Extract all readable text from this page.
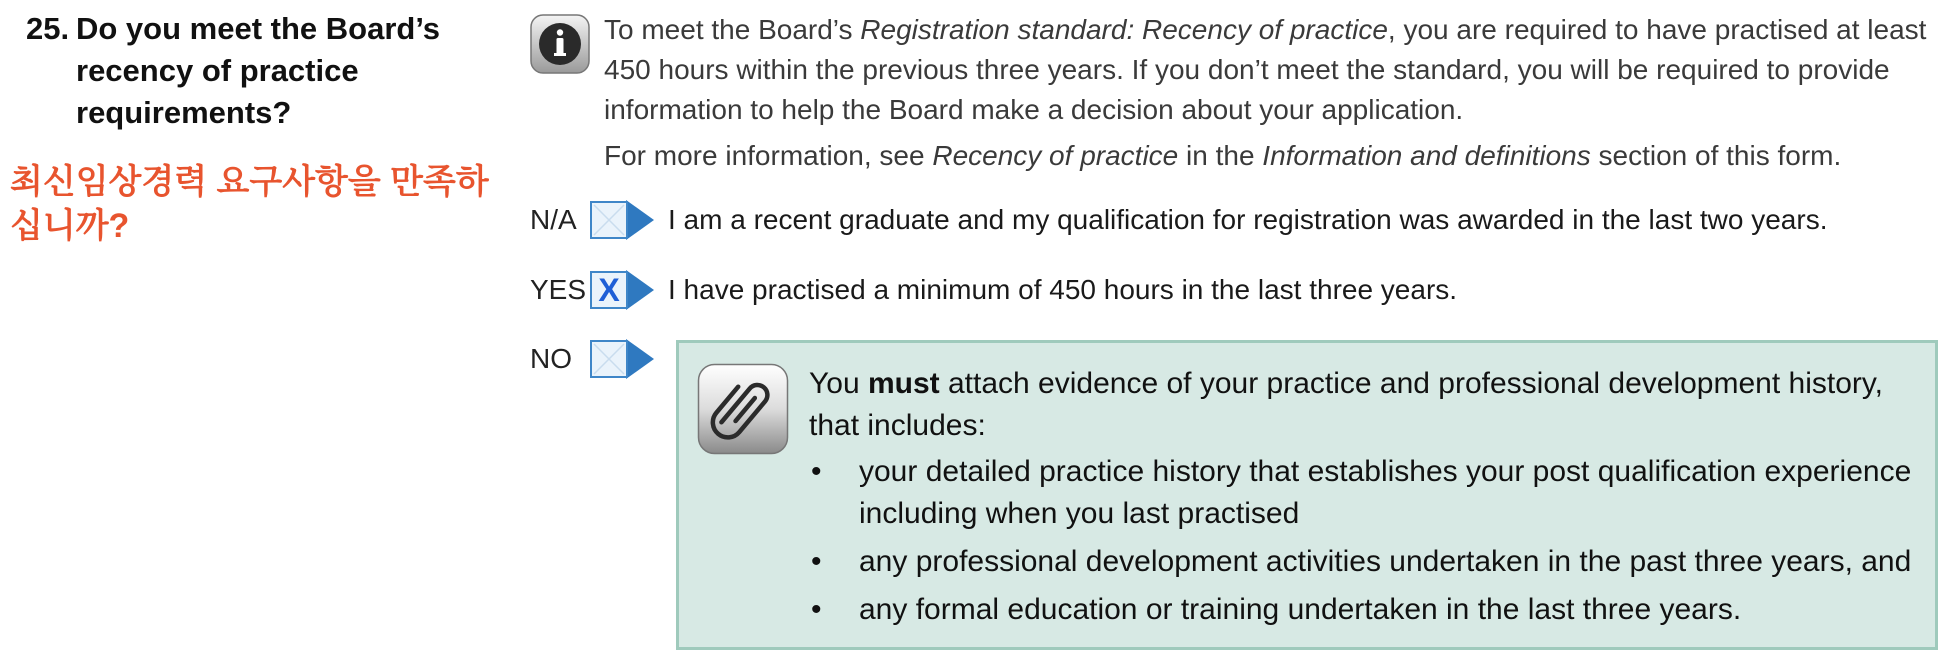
25. Do you meet the Board’s recency of practice requirements?
최신임상경력 요구사항을 만족하십니까?

To meet the Board’s Registration standard: Recency of practice, you are required to have practised at least 450 hours within the previous three years. If you don’t meet the standard, you will be required to provide information to help the Board make a decision about your application.

For more information, see Recency of practice in the Information and definitions section of this form.

N/A	I am a recent graduate and my qualification for registration was awarded in the last two years.
YES X I have practised a minimum of 450 hours in the last three years.
NO

You must attach evidence of your practice and professional development history, that includes:

• your detailed practice history that establishes your post qualification experience including when you last practised
• any professional development activities undertaken in the past three years, and
• any formal education or training undertaken in the last three years.
